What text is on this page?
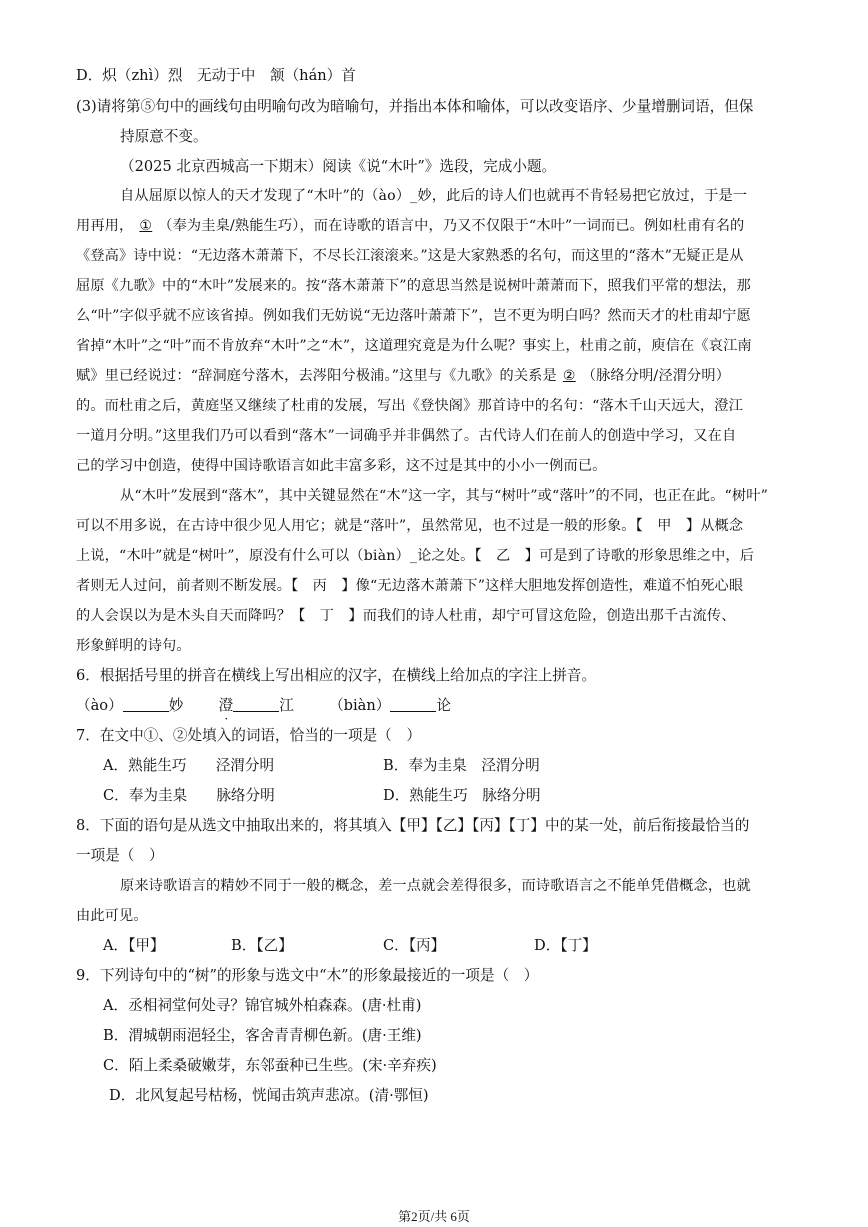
D．炽（zhì）烈　无动于中　颔（hán）首
(3)请将第⑤句中的画线句由明喻句改为暗喻句，并指出本体和喻体，可以改变语序、少量增删词语，但保
持原意不变。
（2025 北京西城高一下期末）阅读《说“木叶”》选段，完成小题。
自从屈原以惊人的天才发现了“木叶”的（ào）_妙，此后的诗人们也就再不肯轻易把它放过，于是一
用再用， ① （奉为圭臬/熟能生巧），而在诗歌的语言中，乃又不仅限于“木叶”一词而已。例如杜甫有名的
《登高》诗中说：“无边落木萧萧下，不尽长江滚滚来。”这是大家熟悉的名句，而这里的“落木”无疑正是从
屈原《九歌》中的“木叶”发展来的。按“落木萧萧下”的意思当然是说树叶萧萧而下，照我们平常的想法，那
么“叶”字似乎就不应该省掉。例如我们无妨说“无边落叶萧萧下”，岂不更为明白吗？然而天才的杜甫却宁愿
省掉“木叶”之“叶”而不肯放弃“木叶”之“木”，这道理究竟是为什么呢？事实上，杜甫之前，庾信在《哀江南
赋》里已经说过：“辞洞庭兮落木，去涔阳兮极浦。”这里与《九歌》的关系是 ② （脉络分明/泾渭分明）
的。而杜甫之后，黄庭坚又继续了杜甫的发展，写出《登快阁》那首诗中的名句：“落木千山天远大，澄江
一道月分明。”这里我们乃可以看到“落木”一词确乎并非偶然了。古代诗人们在前人的创造中学习，又在自
己的学习中创造，使得中国诗歌语言如此丰富多彩，这不过是其中的小小一例而已。
从“木叶”发展到“落木”，其中关键显然在“木”这一字，其与“树叶”或“落叶”的不同，也正在此。“树叶”
可以不用多说，在古诗中很少见人用它；就是“落叶”，虽然常见，也不过是一般的形象。【　甲　】从概念
上说，“木叶”就是“树叶”，原没有什么可以（biàn）_论之处。【　乙　】可是到了诗歌的形象思维之中，后
者则无人过问，前者则不断发展。【　丙　】像“无边落木萧萧下”这样大胆地发挥创造性，难道不怕死心眼
的人会误以为是木头自天而降吗？【　丁　】而我们的诗人杜甫，却宁可冒这危险，创造出那千古流传、
形象鲜明的诗句。
6．根据括号里的拼音在横线上写出相应的汉字，在横线上给加点的字注上拼音。
（ào）	妙 澄	江 （biàn）	论
7．在文中①、②处填入的词语，恰当的一项是（　）
A．熟能生巧　　泾渭分明	B．奉为圭臬　泾渭分明
C．奉为圭臬　　脉络分明	D．熟能生巧　脉络分明
8．下面的语句是从选文中抽取出来的，将其填入【甲】【乙】【丙】【丁】中的某一处，前后衔接最恰当的
一项是（　）
原来诗歌语言的精妙不同于一般的概念，差一点就会差得很多，而诗歌语言之不能单凭借概念，也就
由此可见。
A．【甲】	B．【乙】	C．【丙】	D．【丁】
9．下列诗句中的“树”的形象与选文中“木”的形象最接近的一项是（　）
A．丞相祠堂何处寻？锦官城外柏森森。(唐·杜甫)
B．渭城朝雨浥轻尘，客舍青青柳色新。(唐·王维)
C．陌上柔桑破嫩芽，东邻蚕种已生些。(宋·辛弃疾)
D．北风复起号枯杨，恍闻击筑声悲凉。(清·鄂恒)
第2页/共 6页
